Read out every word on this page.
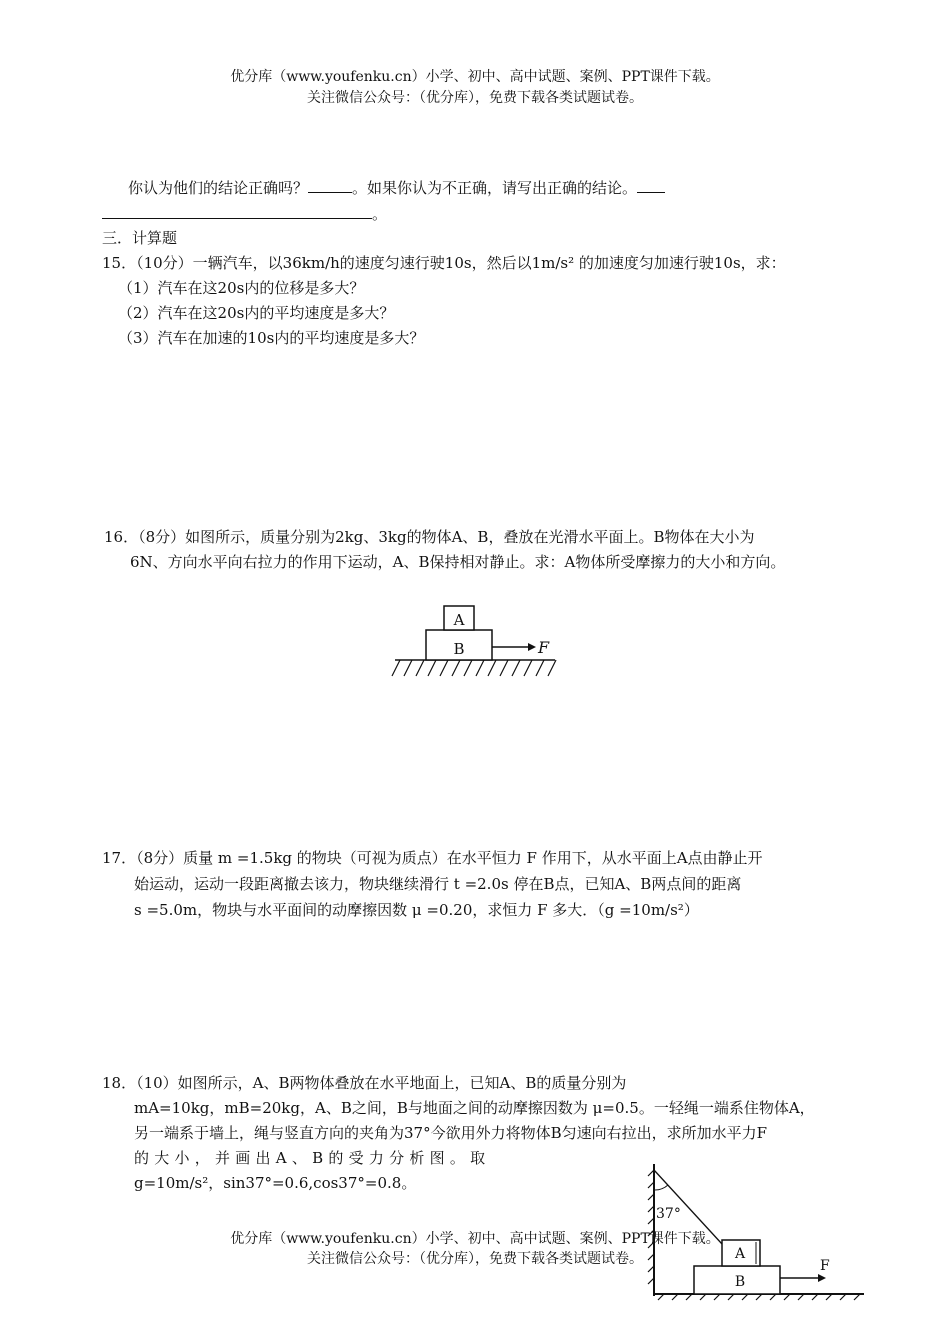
优分库（www.youfenku.cn）小学、初中、高中试题、案例、PPT课件下载。
关注微信公众号：（优分库），免费下载各类试题试卷。
你认为他们的结论正确吗？	。如果你认为不正确，请写出正确的结论。
。
三．计算题
15．（10分）一辆汽车，以36km/h的速度匀速行驶10s，然后以1m/s² 的加速度匀加速行驶10s，求：
（1）汽车在这20s内的位移是多大？
（2）汽车在这20s内的平均速度是多大？
（3）汽车在加速的10s内的平均速度是多大？
16．（8分）如图所示，质量分别为2kg、3kg的物体A、B，叠放在光滑水平面上。B物体在大小为
6N、方向水平向右拉力的作用下运动，A、B保持相对静止。求：A物体所受摩擦力的大小和方向。
A
B	F
17．（8分）质量 m =1.5kg 的物块（可视为质点）在水平恒力 F 作用下，从水平面上A点由静止开
始运动，运动一段距离撤去该力，物块继续滑行 t =2.0s 停在B点，已知A、B两点间的距离
s =5.0m，物块与水平面间的动摩擦因数 μ =0.20，求恒力 F 多大．（g =10m/s²）
18．（10）如图所示，A、B两物体叠放在水平地面上，已知A、B的质量分别为
mA=10kg，mB=20kg，A、B之间，B与地面之间的动摩擦因数为 μ=0.5。一轻绳一端系住物体A，
另一端系于墙上，绳与竖直方向的夹角为37°今欲用外力将物体B匀速向右拉出，求所加水平力F
的大小，并画出A、B的受力分析图。取
g=10m/s²，sin37°=0.6,cos37°=0.8。
37°
A
B
F
优分库（www.youfenku.cn）小学、初中、高中试题、案例、PPT课件下载。
关注微信公众号：（优分库），免费下载各类试题试卷。
